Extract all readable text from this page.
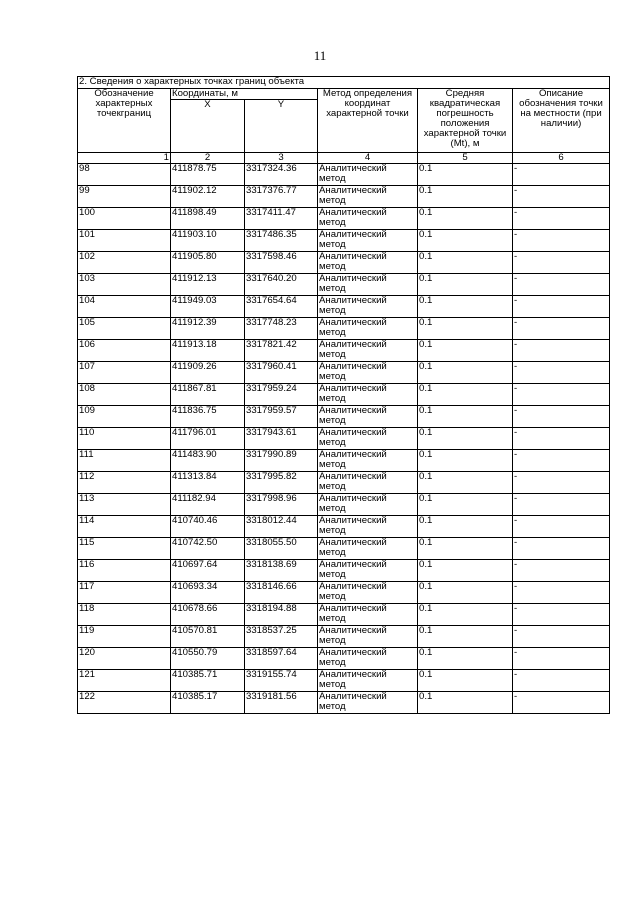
11
2. Сведения о характерных точках границ объекта					
Обозначение характерных точекграниц	Координаты, м		Метод определения координат характерной точки	Средняя квадратическая погрешность положения характерной точки (Mt), м	Описание обозначения точки на местности (при наличии)
	X	Y			
1	2	3	4	5	6
98	411878.75	3317324.36	Аналитический метод	0.1	-
99	411902.12	3317376.77	Аналитический метод	0.1	-
100	411898.49	3317411.47	Аналитический метод	0.1	-
101	411903.10	3317486.35	Аналитический метод	0.1	-
102	411905.80	3317598.46	Аналитический метод	0.1	-
103	411912.13	3317640.20	Аналитический метод	0.1	-
104	411949.03	3317654.64	Аналитический метод	0.1	-
105	411912.39	3317748.23	Аналитический метод	0.1	-
106	411913.18	3317821.42	Аналитический метод	0.1	-
107	411909.26	3317960.41	Аналитический метод	0.1	-
108	411867.81	3317959.24	Аналитический метод	0.1	-
109	411836.75	3317959.57	Аналитический метод	0.1	-
110	411796.01	3317943.61	Аналитический метод	0.1	-
111	411483.90	3317990.89	Аналитический метод	0.1	-
112	411313.84	3317995.82	Аналитический метод	0.1	-
113	411182.94	3317998.96	Аналитический метод	0.1	-
114	410740.46	3318012.44	Аналитический метод	0.1	-
115	410742.50	3318055.50	Аналитический метод	0.1	-
116	410697.64	3318138.69	Аналитический метод	0.1	-
117	410693.34	3318146.66	Аналитический метод	0.1	-
118	410678.66	3318194.88	Аналитический метод	0.1	-
119	410570.81	3318537.25	Аналитический метод	0.1	-
120	410550.79	3318597.64	Аналитический метод	0.1	-
121	410385.71	3319155.74	Аналитический метод	0.1	-
122	410385.17	3319181.56	Аналитический метод	0.1	-
